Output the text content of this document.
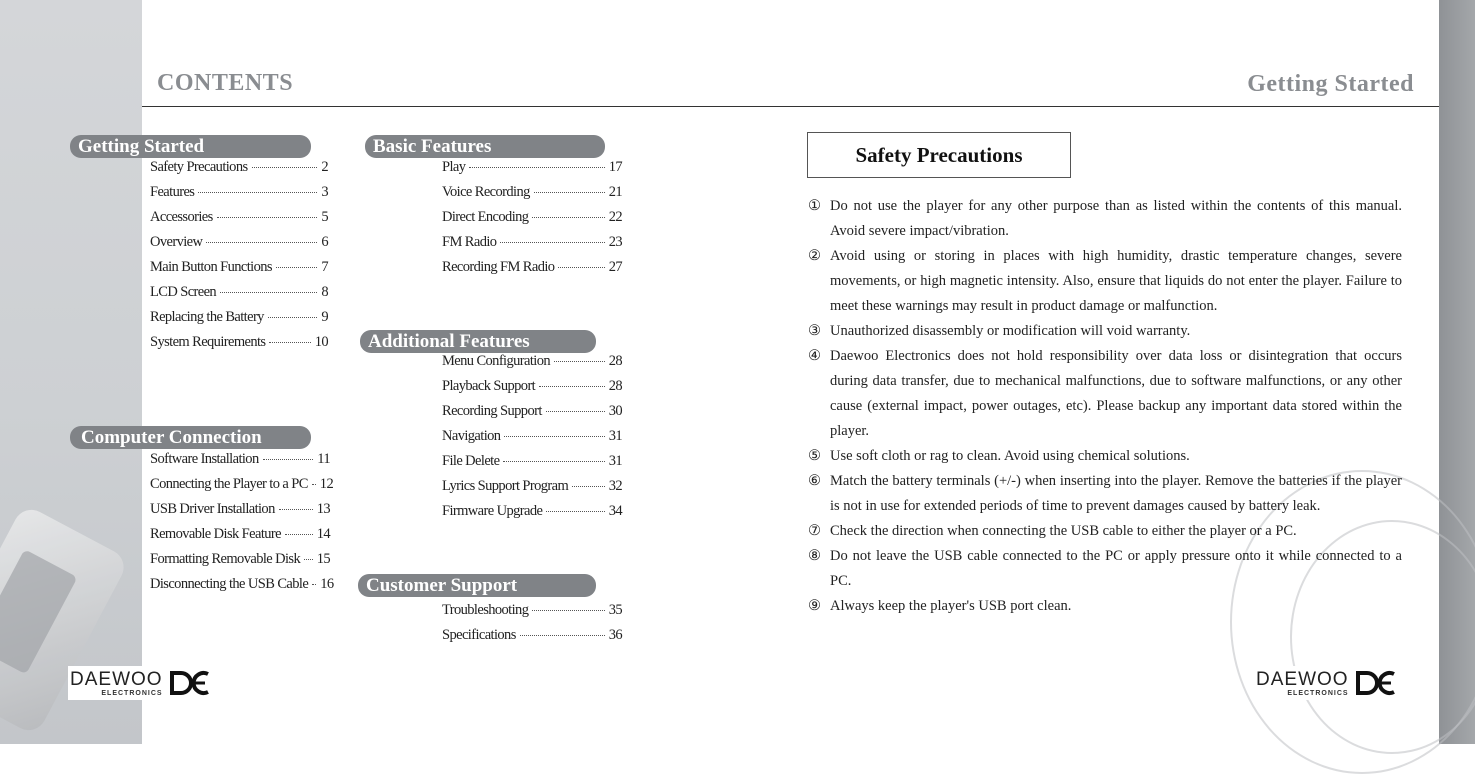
CONTENTS	Getting Started
Getting Started
Safety Precautions	2
Features	3
Accessories	5
Overview	6
Main Button Functions	7
LCD Screen	8
Replacing the Battery	9
System Requirements	10
Computer Connection
Software Installation	11
Connecting the Player to a PC 12
USB Driver Installation	13
Removable Disk Feature 14
Formatting Removable Disk 15
Disconnecting the USB Cable 16
Basic Features
Play	17
Voice Recording	21
Direct Encoding	22
FM Radio	23
Recording FM Radio	27
Additional Features
Menu Configuration	28
Playback Support	28
Recording Support	30
Navigation	31
File Delete	31
Lyrics Support Program	32
Firmware Upgrade	34
Customer Support
Troubleshooting	35
Specifications	36
Safety Precautions
① Do not use the player for any other purpose than as listed within the contents of this manual. Avoid severe impact/vibration.
② Avoid using or storing in places with high humidity, drastic temperature changes, severe movements, or high magnetic intensity. Also, ensure that liquids do not enter the player. Failure to meet these warnings may result in product damage or malfunction.
③ Unauthorized disassembly or modification will void warranty.
④ Daewoo Electronics does not hold responsibility over data loss or disintegration that occurs during data transfer, due to mechanical malfunctions, due to software malfunctions, or any other cause (external impact, power outages, etc). Please backup any important data stored within the player.
⑤ Use soft cloth or rag to clean. Avoid using chemical solutions.
⑥ Match the battery terminals (+/-) when inserting into the player. Remove the batteries if the player is not in use for extended periods of time to prevent damages caused by battery leak.
⑦ Check the direction when connecting the USB cable to either the player or a PC.
⑧ Do not leave the USB cable connected to the PC or apply pressure onto it while connected to a PC.
⑨ Always keep the player's USB port clean.
DAEWOO
ELECTRONICS
DAEWOO
ELECTRONICS
